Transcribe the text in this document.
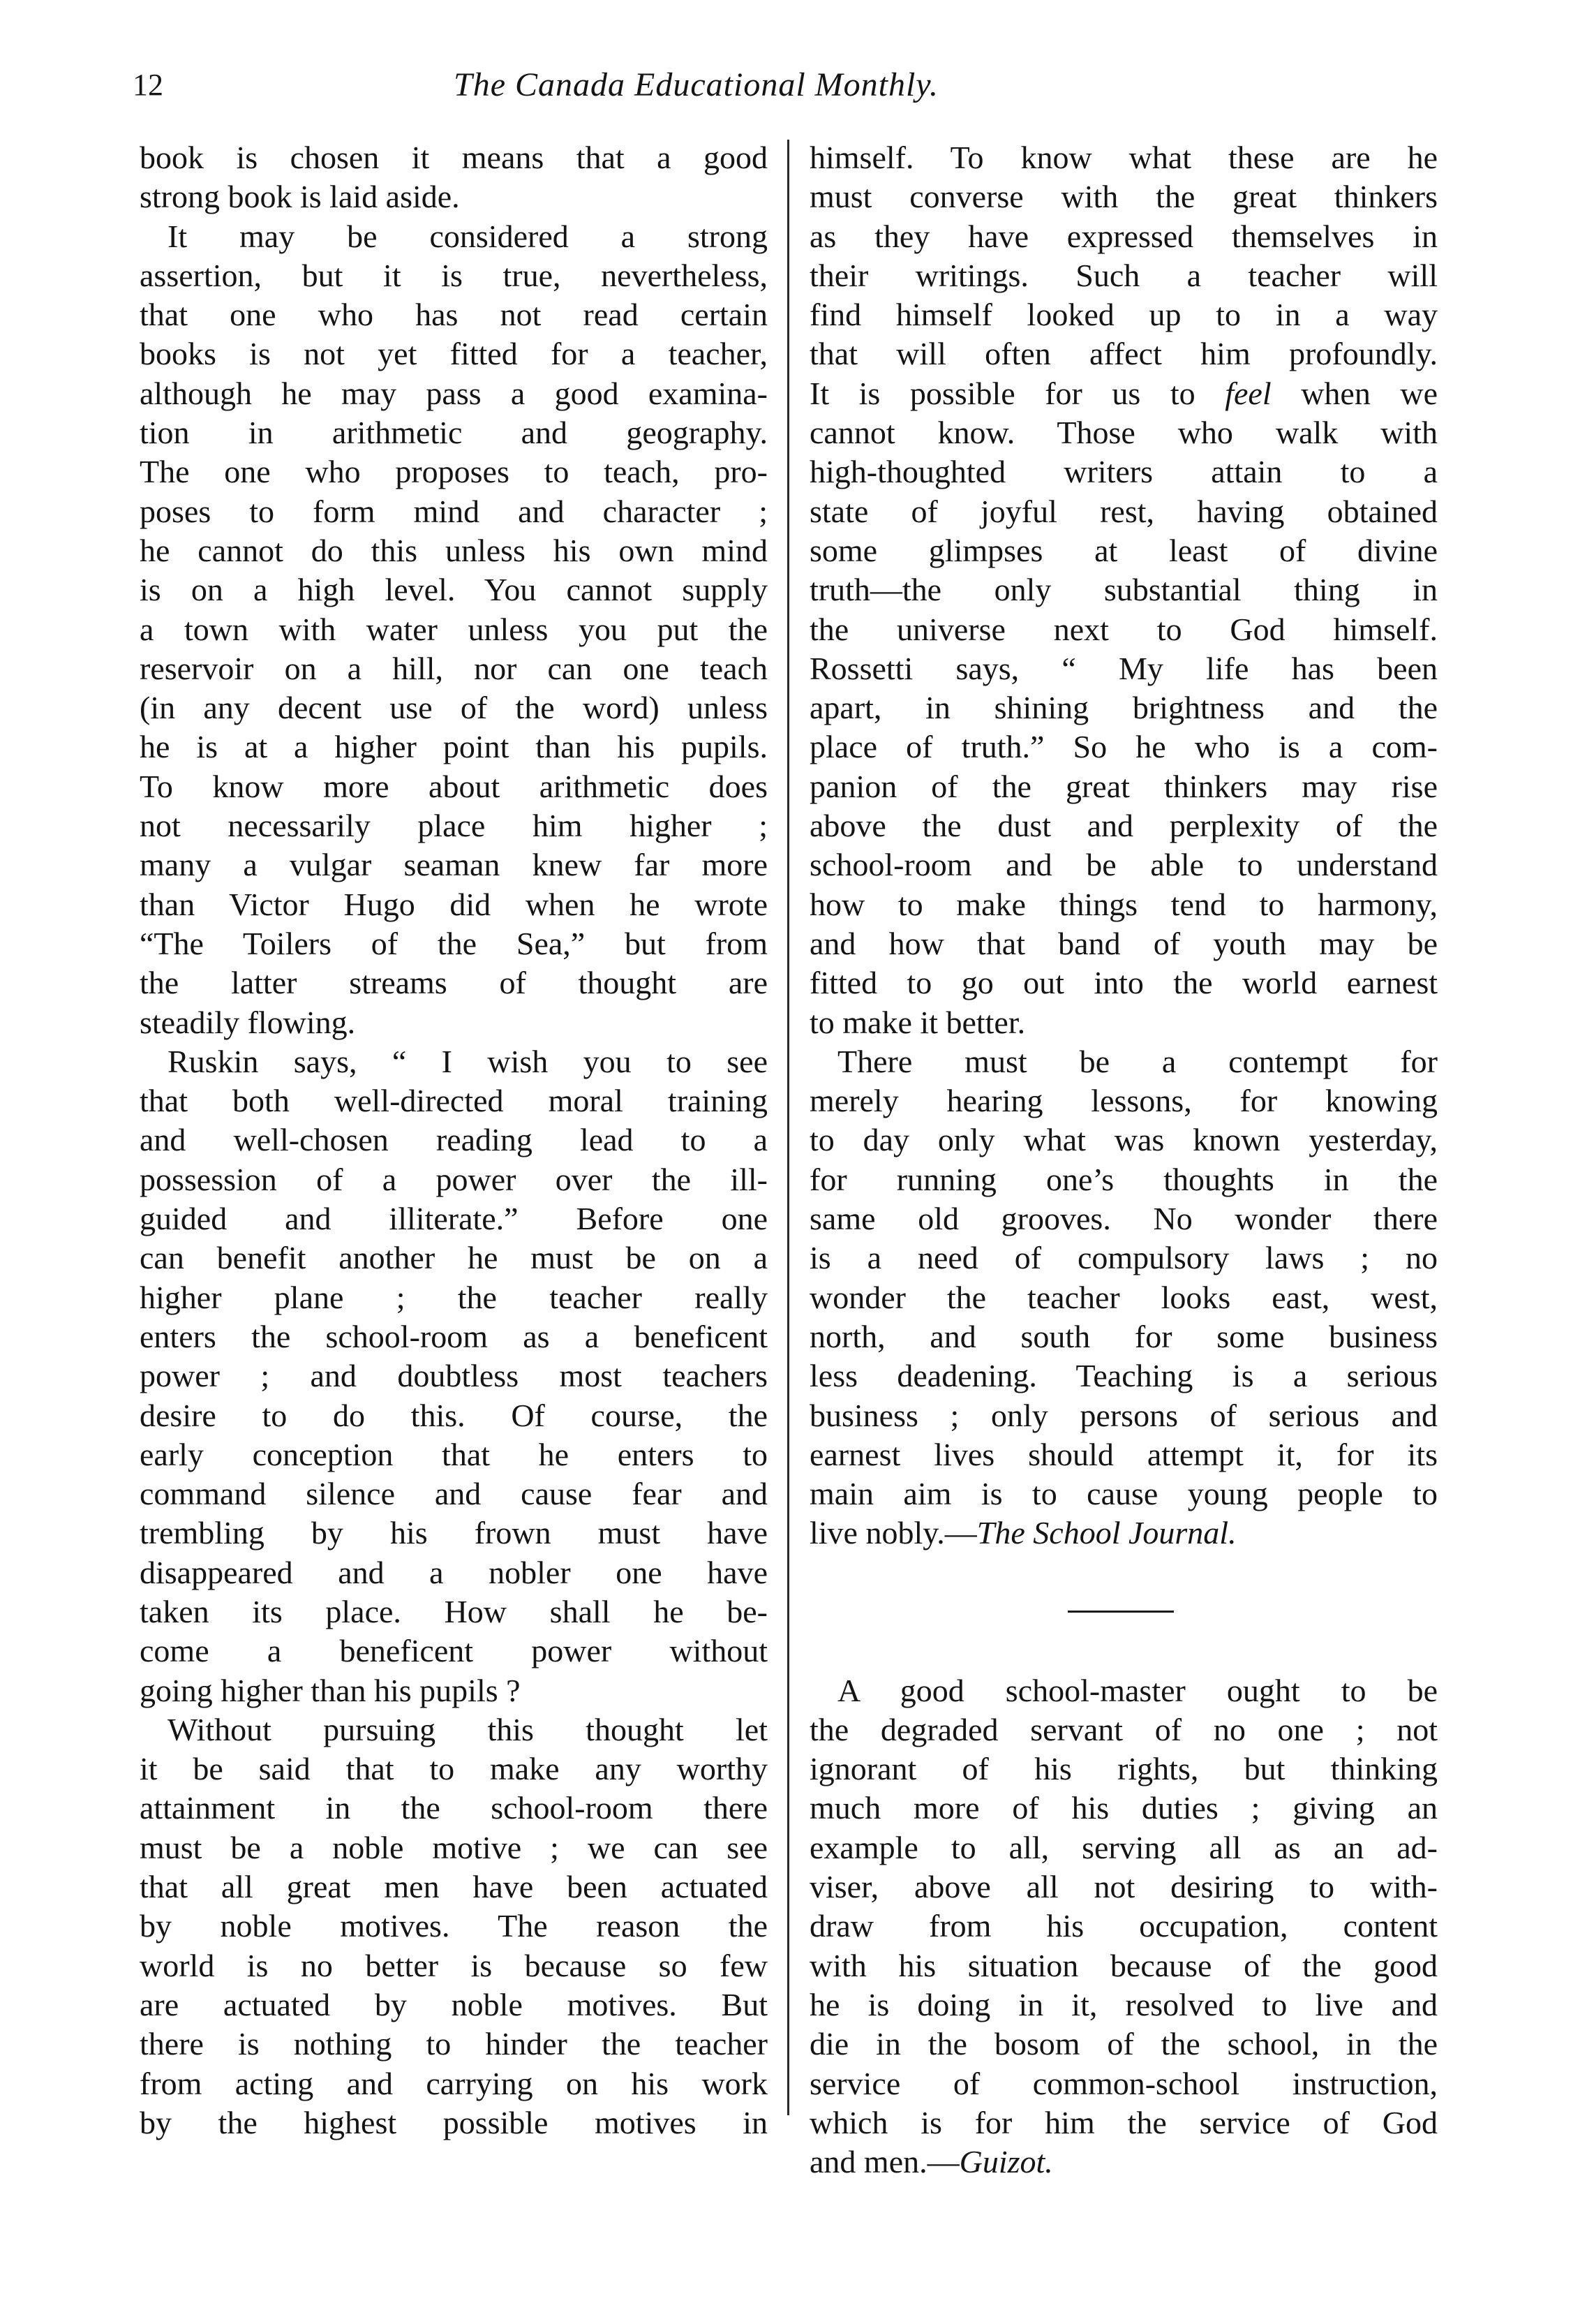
12	The Canada Educational Monthly.
book is chosen it means that a good
strong book is laid aside.
It may be considered a strong
assertion, but it is true, nevertheless,
that one who has not read certain
books is not yet fitted for a teacher,
although he may pass a good examina-
tion in arithmetic and geography.
The one who proposes to teach, pro-
poses to form mind and character ;
he cannot do this unless his own mind
is on a high level. You cannot supply
a town with water unless you put the
reservoir on a hill, nor can one teach
(in any decent use of the word) unless
he is at a higher point than his pupils.
To know more about arithmetic does
not necessarily place him higher ;
many a vulgar seaman knew far more
than Victor Hugo did when he wrote
“The Toilers of the Sea,” but from
the latter streams of thought are
steadily flowing.
Ruskin says, “ I wish you to see
that both well-directed moral training
and well-chosen reading lead to a
possession of a power over the ill-
guided and illiterate.” Before one
can benefit another he must be on a
higher plane ; the teacher really
enters the school-room as a beneficent
power ; and doubtless most teachers
desire to do this. Of course, the
early conception that he enters to
command silence and cause fear and
trembling by his frown must have
disappeared and a nobler one have
taken its place. How shall he be-
come a beneficent power without
going higher than his pupils ?
Without pursuing this thought let
it be said that to make any worthy
attainment in the school-room there
must be a noble motive ; we can see
that all great men have been actuated
by noble motives. The reason the
world is no better is because so few
are actuated by noble motives. But
there is nothing to hinder the teacher
from acting and carrying on his work
by the highest possible motives in
himself. To know what these are he
must converse with the great thinkers
as they have expressed themselves in
their writings. Such a teacher will
find himself looked up to in a way
that will often affect him profoundly.
It is possible for us to feel when we
cannot know. Those who walk with
high-thoughted writers attain to a
state of joyful rest, having obtained
some glimpses at least of divine
truth—the only substantial thing in
the universe next to God himself.
Rossetti says, “ My life has been
apart, in shining brightness and the
place of truth.” So he who is a com-
panion of the great thinkers may rise
above the dust and perplexity of the
school-room and be able to understand
how to make things tend to harmony,
and how that band of youth may be
fitted to go out into the world earnest
to make it better.
There must be a contempt for
merely hearing lessons, for knowing
to day only what was known yesterday,
for running one’s thoughts in the
same old grooves. No wonder there
is a need of compulsory laws ; no
wonder the teacher looks east, west,
north, and south for some business
less deadening. Teaching is a serious
business ; only persons of serious and
earnest lives should attempt it, for its
main aim is to cause young people to
live nobly.—The School Journal.
A good school-master ought to be
the degraded servant of no one ; not
ignorant of his rights, but thinking
much more of his duties ; giving an
example to all, serving all as an ad-
viser, above all not desiring to with-
draw from his occupation, content
with his situation because of the good
he is doing in it, resolved to live and
die in the bosom of the school, in the
service of common-school instruction,
which is for him the service of God
and men.—Guizot.
